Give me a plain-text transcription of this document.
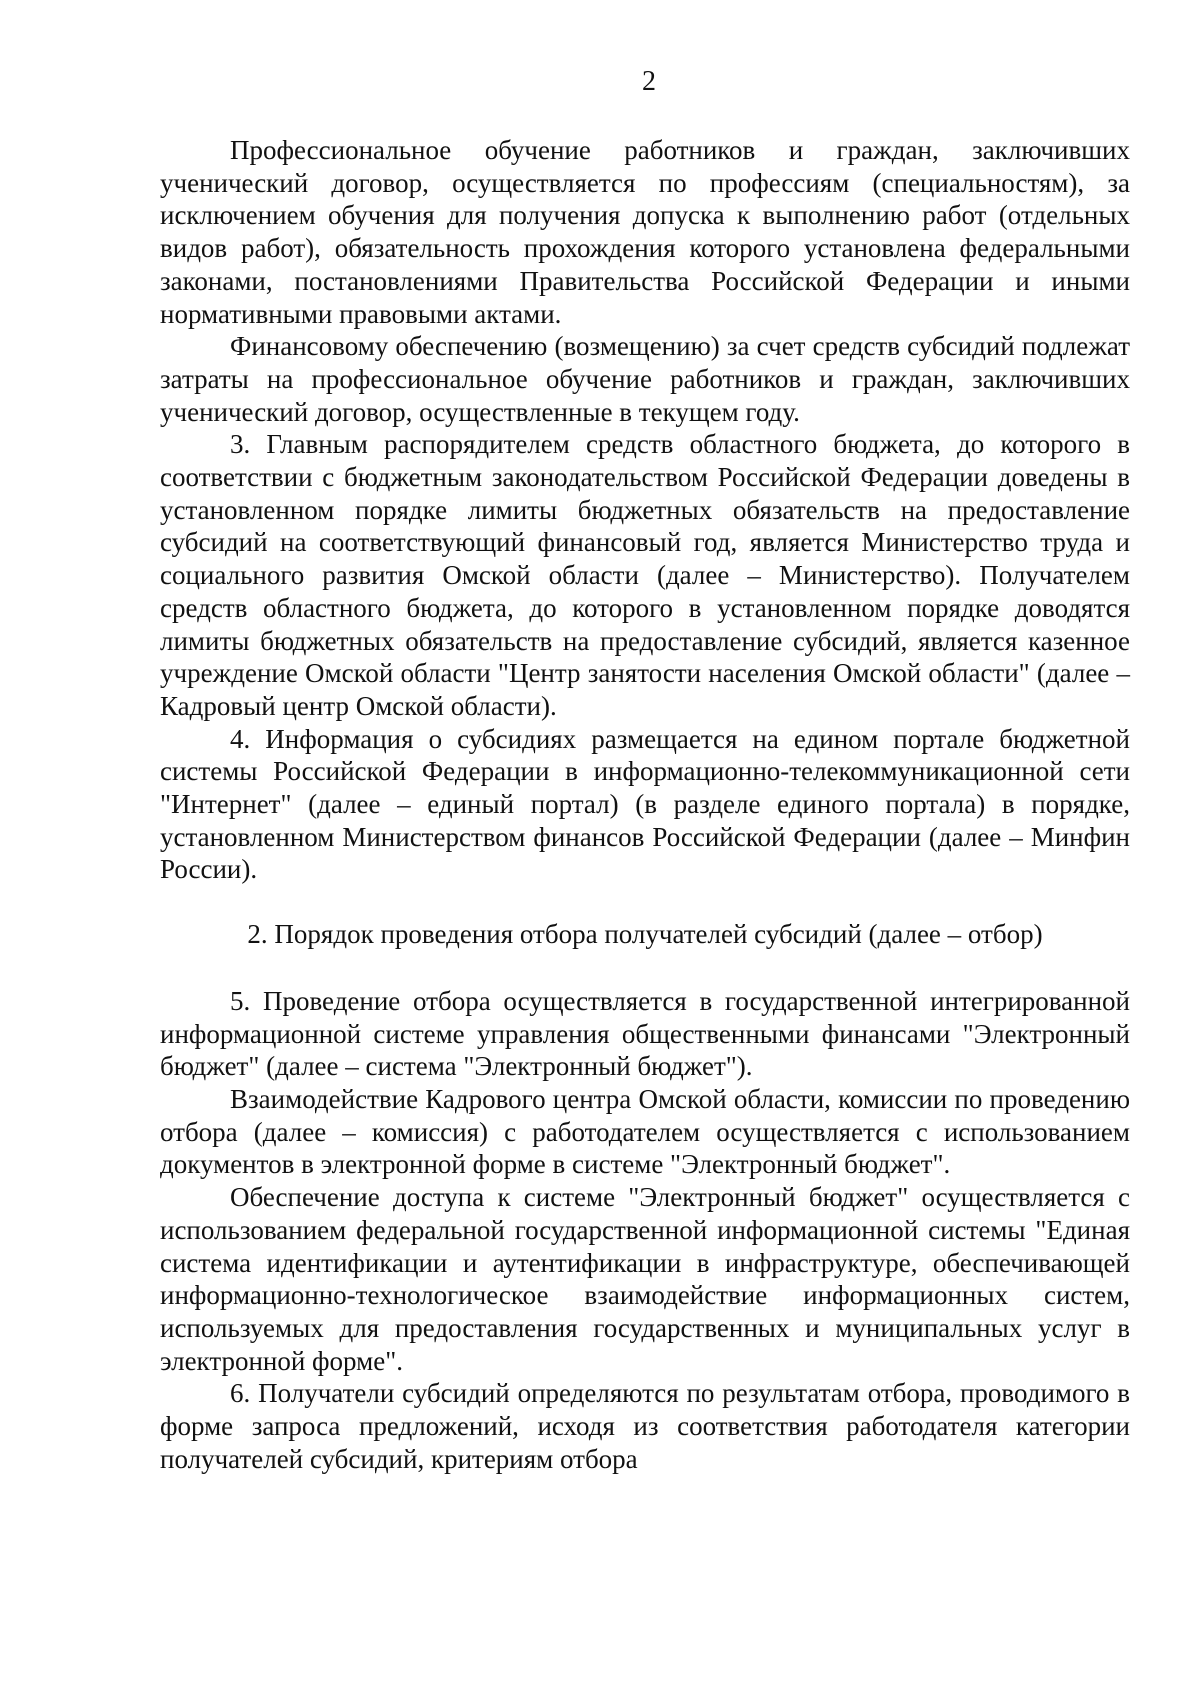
2

Профессиональное обучение работников и граждан, заключивших ученический договор, осуществляется по профессиям (специальностям), за исключением обучения для получения допуска к выполнению работ (отдельных видов работ), обязательность прохождения которого установлена федеральными законами, постановлениями Правительства Российской Федерации и иными нормативными правовыми актами.

Финансовому обеспечению (возмещению) за счет средств субсидий подлежат затраты на профессиональное обучение работников и граждан, заключивших ученический договор, осуществленные в текущем году.

3. Главным распорядителем средств областного бюджета, до которого в соответствии с бюджетным законодательством Российской Федерации доведены в установленном порядке лимиты бюджетных обязательств на предоставление субсидий на соответствующий финансовый год, является Министерство труда и социального развития Омской области (далее – Министерство). Получателем средств областного бюджета, до которого в установленном порядке доводятся лимиты бюджетных обязательств на предоставление субсидий, является казенное учреждение Омской области "Центр занятости населения Омской области" (далее – Кадровый центр Омской области).

4. Информация о субсидиях размещается на едином портале бюджетной системы Российской Федерации в информационно-телекоммуникационной сети "Интернет" (далее – единый портал) (в разделе единого портала) в порядке, установленном Министерством финансов Российской Федерации (далее – Минфин России).

2. Порядок проведения отбора получателей субсидий (далее – отбор)

5. Проведение отбора осуществляется в государственной интегрированной информационной системе управления общественными финансами "Электронный бюджет" (далее – система "Электронный бюджет").

Взаимодействие Кадрового центра Омской области, комиссии по проведению отбора (далее – комиссия) с работодателем осуществляется с использованием документов в электронной форме в системе "Электронный бюджет".

Обеспечение доступа к системе "Электронный бюджет" осуществляется с использованием федеральной государственной информационной системы "Единая система идентификации и аутентификации в инфраструктуре, обеспечивающей информационно-технологическое взаимодействие информационных систем, используемых для предоставления государственных и муниципальных услуг в электронной форме".

6. Получатели субсидий определяются по результатам отбора, проводимого в форме запроса предложений, исходя из соответствия работодателя категории получателей субсидий, критериям отбора
